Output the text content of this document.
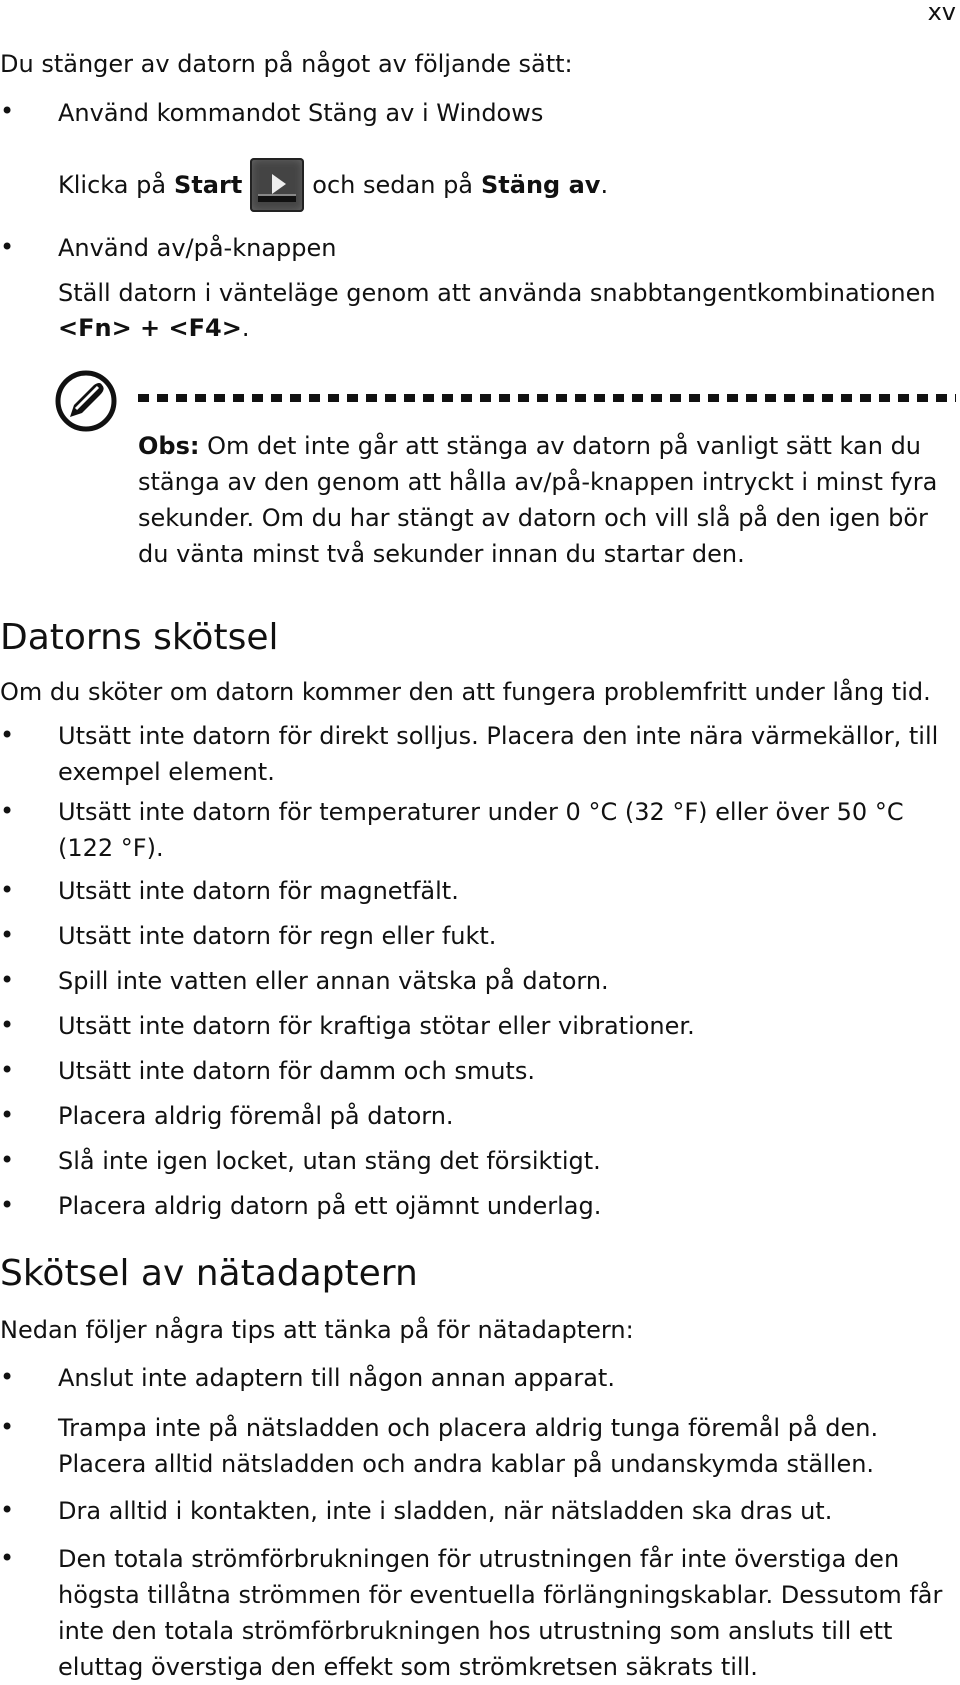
xv
Du stänger av datorn på något av följande sätt:
• Använd kommandot Stäng av i Windows
Klicka på Start	och sedan på Stäng av.
• Använd av/på-knappen
Ställ datorn i vänteläge genom att använda snabbtangentkombinationen
<Fn> + <F4>.
Obs: Om det inte går att stänga av datorn på vanligt sätt kan du stänga av den genom att hålla av/på-knappen intryckt i minst fyra sekunder. Om du har stängt av datorn och vill slå på den igen bör du vänta minst två sekunder innan du startar den.
Datorns skötsel
Om du sköter om datorn kommer den att fungera problemfritt under lång tid.
• Utsätt inte datorn för direkt solljus. Placera den inte nära värmekällor, till exempel element.
• Utsätt inte datorn för temperaturer under 0 °C (32 °F) eller över 50 °C (122 °F).
• Utsätt inte datorn för magnetfält.
• Utsätt inte datorn för regn eller fukt.
• Spill inte vatten eller annan vätska på datorn.
• Utsätt inte datorn för kraftiga stötar eller vibrationer.
• Utsätt inte datorn för damm och smuts.
• Placera aldrig föremål på datorn.
• Slå inte igen locket, utan stäng det försiktigt.
• Placera aldrig datorn på ett ojämnt underlag.
Skötsel av nätadaptern
Nedan följer några tips att tänka på för nätadaptern:
• Anslut inte adaptern till någon annan apparat.
• Trampa inte på nätsladden och placera aldrig tunga föremål på den. Placera alltid nätsladden och andra kablar på undanskymda ställen.
• Dra alltid i kontakten, inte i sladden, när nätsladden ska dras ut.
• Den totala strömförbrukningen för utrustningen får inte överstiga den högsta tillåtna strömmen för eventuella förlängningskablar. Dessutom får inte den totala strömförbrukningen hos utrustning som ansluts till ett eluttag överstiga den effekt som strömkretsen säkrats till.
